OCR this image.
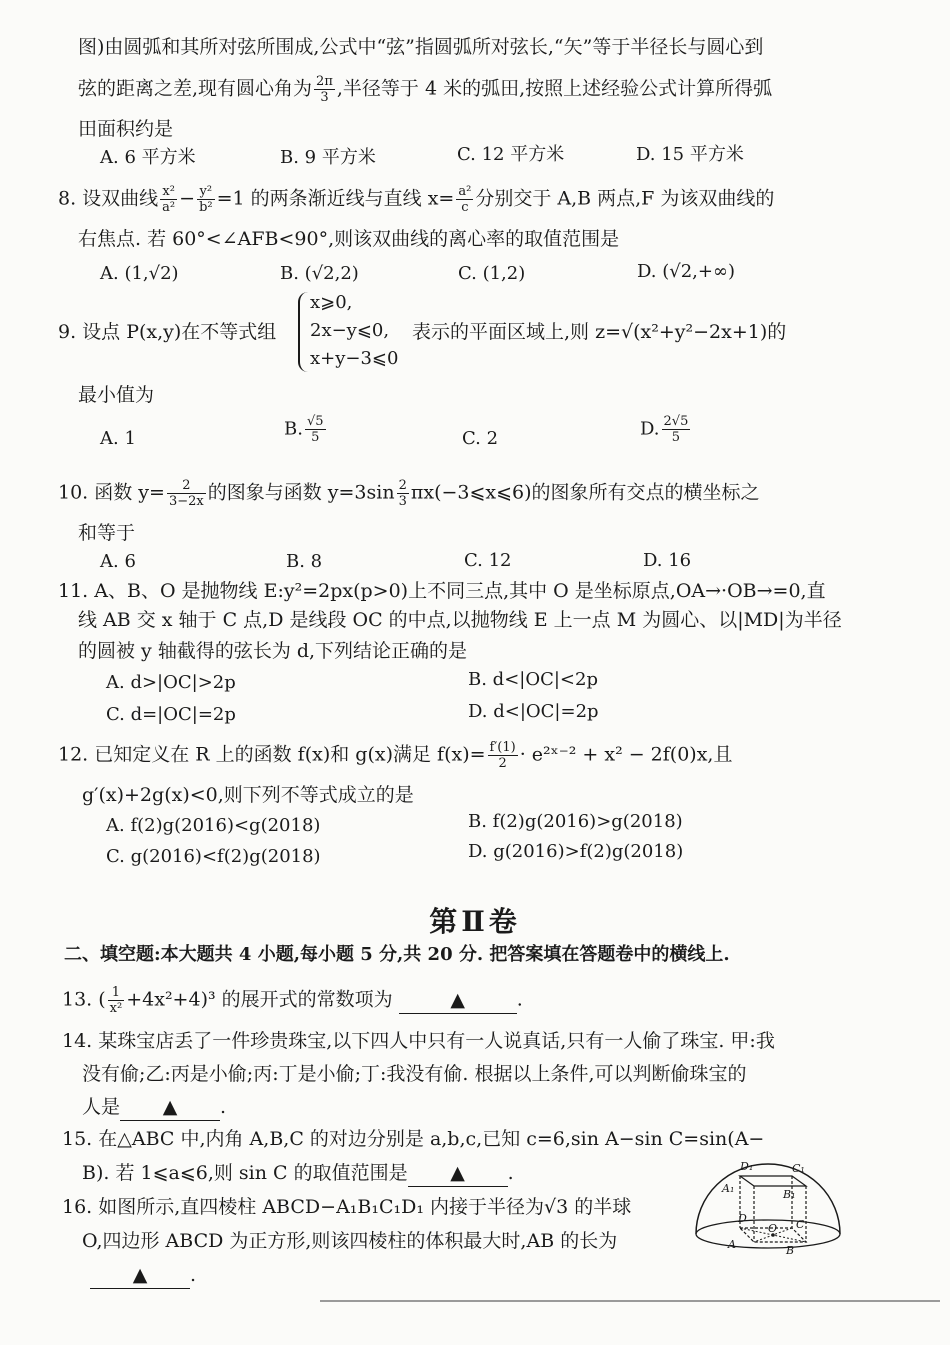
图)由圆弧和其所对弦所围成,公式中“弦”指圆弧所对弦长,“矢”等于半径长与圆心到
弦的距离之差,现有圆心角为 $\frac{2\pi}{3}$ ,半径等于 4 米的弧田,按照上述经验公式计算所得弧
田面积约是
A. 6 平方米	B. 9 平方米	C. 12 平方米	D. 15 平方米
8. 设双曲线 $\frac{\text{x²}}{\text{a²}} - \frac{\text{y²}}{\text{b²}} =1$ 的两条渐近线与直线 $x= \frac{\text{a²}}{c}$ 分别交于 A,B 两点,F 为该双曲线的
右焦点. 若 60°<∠AFB<90°,则该双曲线的离心率的取值范围是
A. (1,√2)	B. (√2,2)	C. (1,2)	D. (√2,+∞)
9. 设点 P(x,y)在不等式组
x⩾0,
2x−y⩽0,
x+y−3⩽0
表示的平面区域上,则 z=√(x²+y²−2x+1)的
最小值为
A. 1	B. $\frac{√5}{5}$	C. 2	D. $\frac{2√5}{5}$
10. 函数 $y= \frac{2}{3-2x}$ 的图象与函数 $y=3\sin \frac{2}{3}$ πx(−3⩽x⩽6)的图象所有交点的横坐标之
和等于
A. 6	B. 8	C. 12	D. 16
11. A、B、O 是抛物线 E:y²=2px(p>0)上不同三点,其中 O 是坐标原点,OA→·OB→=0,直
线 AB 交 x 轴于 C 点,D 是线段 OC 的中点,以抛物线 E 上一点 M 为圆心、以|MD|为半径
的圆被 y 轴截得的弦长为 d,下列结论正确的是
A. d>|OC|>2p	B. d<|OC|<2p
C. d=|OC|=2p	D. d<|OC|=2p
12. 已知定义在 R 上的函数 f(x)和 g(x)满足 $f(x)= \frac{f'(1)}{2}$ · e²ˣ⁻² + x² − 2f(0)x,且
g′(x)+2g(x)<0,则下列不等式成立的是
A. f(2)g(2016)<g(2018)	B. f(2)g(2016)>g(2018)
C. g(2016)<f(2)g(2018)	D. g(2016)>f(2)g(2018)
第Ⅱ卷
二、填空题:本大题共 4 小题,每小题 5 分,共 20 分. 把答案填在答题卷中的横线上.
13. ( $\frac{1}{\text{x²}} +4x^2+4)^3$ 的展开式的常数项为	▲	.
14. 某珠宝店丢了一件珍贵珠宝,以下四人中只有一人说真话,只有一人偷了珠宝. 甲:我
没有偷;乙:丙是小偷;丙:丁是小偷;丁:我没有偷. 根据以上条件,可以判断偷珠宝的
人是 ▲ .
15. 在△ABC 中,内角 A,B,C 的对边分别是 a,b,c,已知 c=6,sin A−sin C=sin(A−
B). 若 1⩽a⩽6,则 sin C 的取值范围是 ▲ .
16. 如图所示,直四棱柱 ABCD−A₁B₁C₁D₁ 内接于半径为√3 的半球
O,四边形 ABCD 为正方形,则该四棱柱的体积最大时,AB 的长为
▲ .
D₁	C₁
A₁	B₁
D	C
A
O
B
